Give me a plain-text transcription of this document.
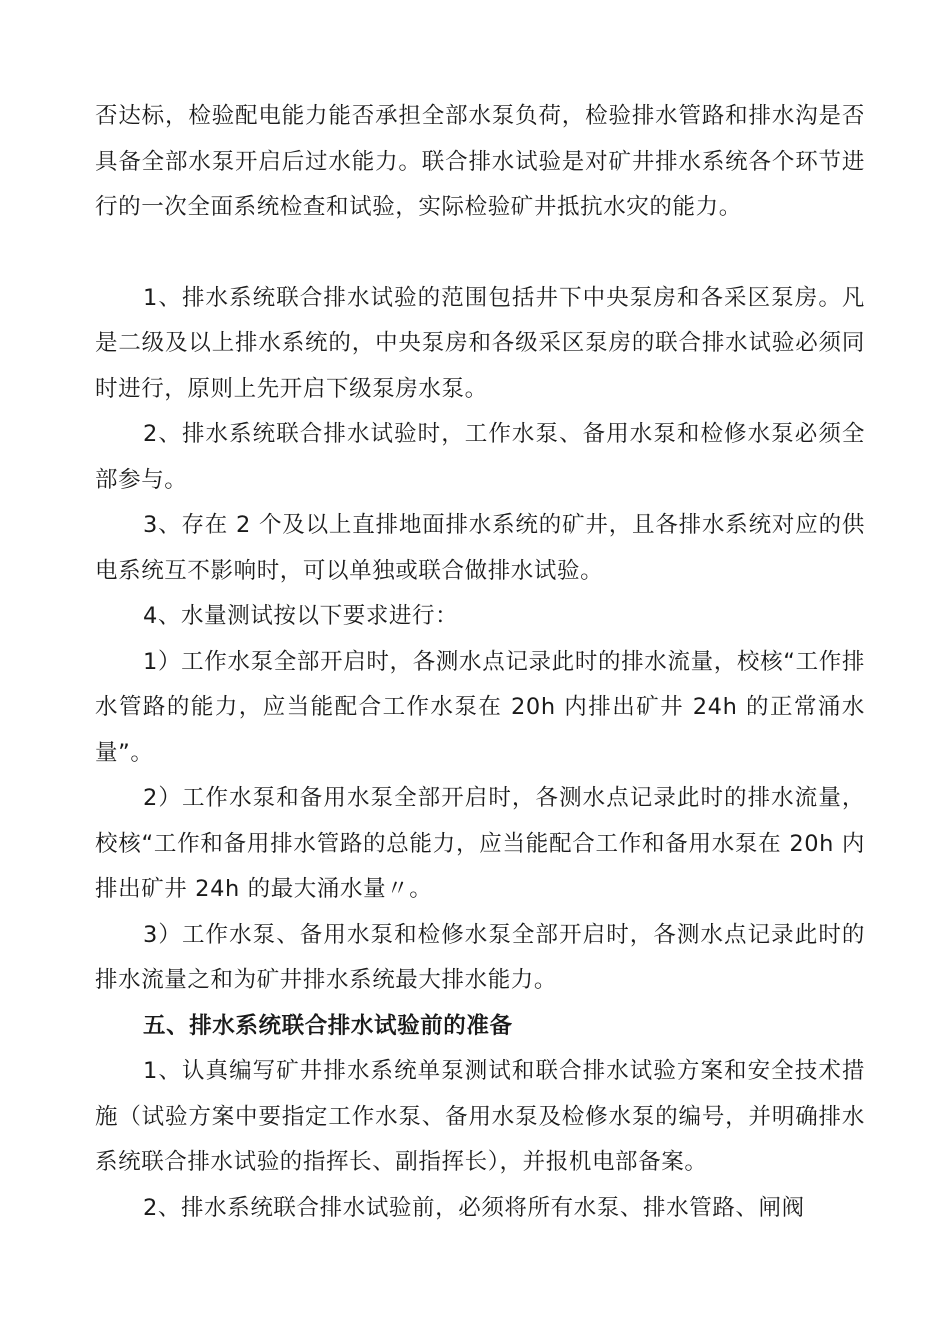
否达标，检验配电能力能否承担全部水泵负荷，检验排水管路和排水沟是否具备全部水泵开启后过水能力。联合排水试验是对矿井排水系统各个环节进行的一次全面系统检查和试验，实际检验矿井抵抗水灾的能力。

1、排水系统联合排水试验的范围包括井下中央泵房和各采区泵房。凡是二级及以上排水系统的，中央泵房和各级采区泵房的联合排水试验必须同时进行，原则上先开启下级泵房水泵。

2、排水系统联合排水试验时，工作水泵、备用水泵和检修水泵必须全部参与。

3、存在 2 个及以上直排地面排水系统的矿井，且各排水系统对应的供电系统互不影响时，可以单独或联合做排水试验。

4、水量测试按以下要求进行：

1）工作水泵全部开启时，各测水点记录此时的排水流量，校核“工作排水管路的能力，应当能配合工作水泵在 20h 内排出矿井 24h 的正常涌水量”。

2）工作水泵和备用水泵全部开启时，各测水点记录此时的排水流量，校核“工作和备用排水管路的总能力，应当能配合工作和备用水泵在 20h 内排出矿井 24h 的最大涌水量〃。

3）工作水泵、备用水泵和检修水泵全部开启时，各测水点记录此时的排水流量之和为矿井排水系统最大排水能力。

五、排水系统联合排水试验前的准备

1、认真编写矿井排水系统单泵测试和联合排水试验方案和安全技术措施（试验方案中要指定工作水泵、备用水泵及检修水泵的编号，并明确排水系统联合排水试验的指挥长、副指挥长），并报机电部备案。

2、排水系统联合排水试验前，必须将所有水泵、排水管路、闸阀
